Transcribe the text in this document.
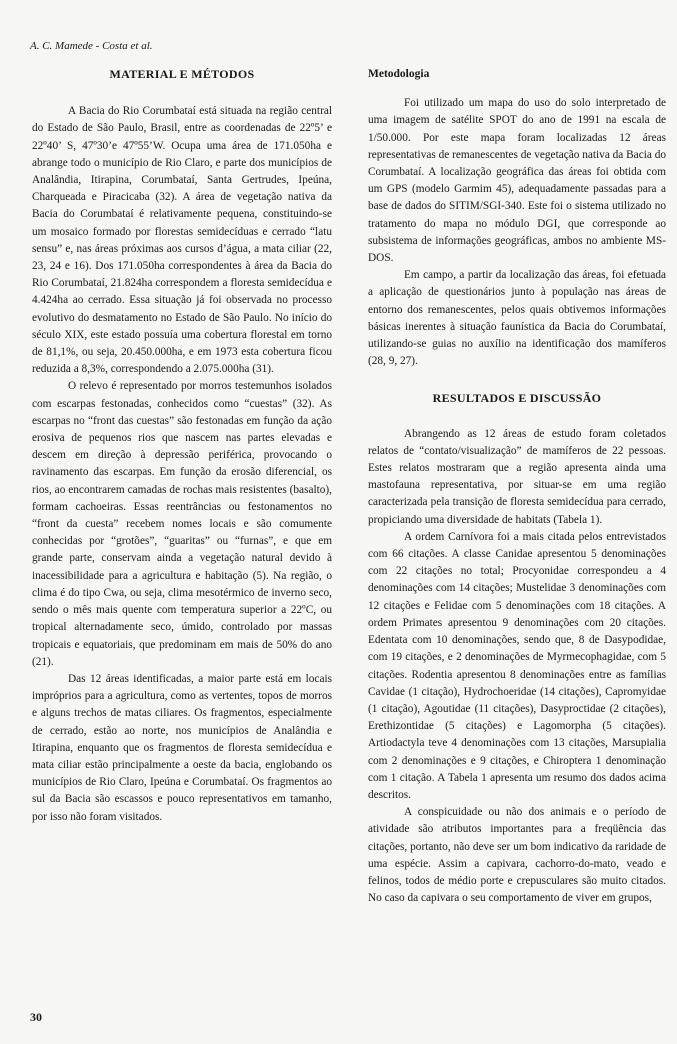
A. C. Mamede - Costa et al.
MATERIAL E MÉTODOS

A Bacia do Rio Corumbataí está situada na região central do Estado de São Paulo, Brasil, entre as coordenadas de 22º5’ e 22º40’ S, 47º30’e 47º55’W. Ocupa uma área de 171.050ha e abrange todo o município de Rio Claro, e parte dos municípios de Analândia, Itirapina, Corumbataí, Santa Gertrudes, Ipeúna, Charqueada e Piracicaba (32). A área de vegetação nativa da Bacia do Corumbataí é relativamente pequena, constituindo-se um mosaico formado por florestas semidecíduas e cerrado “latu sensu” e, nas áreas próximas aos cursos d’água, a mata ciliar (22, 23, 24 e 16). Dos 171.050ha correspondentes à área da Bacia do Rio Corumbataí, 21.824ha correspondem a floresta semidecídua e 4.424ha ao cerrado. Essa situação já foi observada no processo evolutivo do desmatamento no Estado de São Paulo. No início do século XIX, este estado possuía uma cobertura florestal em torno de 81,1%, ou seja, 20.450.000ha, e em 1973 esta cobertura ficou reduzida a 8,3%, correspondendo a 2.075.000ha (31).

O relevo é representado por morros testemunhos isolados com escarpas festonadas, conhecidos como “cuestas” (32). As escarpas no “front das cuestas” são festonadas em função da ação erosiva de pequenos rios que nascem nas partes elevadas e descem em direção à depressão periférica, provocando o ravinamento das escarpas. Em função da erosão diferencial, os rios, ao encontrarem camadas de rochas mais resistentes (basalto), formam cachoeiras. Essas reentrâncias ou festonamentos no “front da cuesta” recebem nomes locais e são comumente conhecidas por “grotões”, “guaritas” ou “furnas”, e que em grande parte, conservam ainda a vegetação natural devido à inacessibilidade para a agricultura e habitação (5). Na região, o clima é do tipo Cwa, ou seja, clima mesotérmico de inverno seco, sendo o mês mais quente com temperatura superior a 22ºC, ou tropical alternadamente seco, úmido, controlado por massas tropicais e equatoriais, que predominam em mais de 50% do ano (21).

Das 12 áreas identificadas, a maior parte está em locais impróprios para a agricultura, como as vertentes, topos de morros e alguns trechos de matas ciliares. Os fragmentos, especialmente de cerrado, estão ao norte, nos municípios de Analândia e Itirapina, enquanto que os fragmentos de floresta semidecídua e mata ciliar estão principalmente a oeste da bacia, englobando os municípios de Rio Claro, Ipeúna e Corumbataí. Os fragmentos ao sul da Bacia são escassos e pouco representativos em tamanho, por isso não foram visitados.

Metodologia

Foi utilizado um mapa do uso do solo interpretado de uma imagem de satélite SPOT do ano de 1991 na escala de 1/50.000. Por este mapa foram localizadas 12 áreas representativas de remanescentes de vegetação nativa da Bacia do Corumbataí. A localização geográfica das áreas foi obtida com um GPS (modelo Garmim 45), adequadamente passadas para a base de dados do SITIM/SGI-340. Este foi o sistema utilizado no tratamento do mapa no módulo DGI, que corresponde ao subsistema de informações geográficas, ambos no ambiente MS-DOS.

Em campo, a partir da localização das áreas, foi efetuada a aplicação de questionários junto à população nas áreas de entorno dos remanescentes, pelos quais obtivemos informações básicas inerentes à situação faunística da Bacia do Corumbataí, utilizando-se guias no auxílio na identificação dos mamíferos (28, 9, 27).

RESULTADOS E DISCUSSÃO

Abrangendo as 12 áreas de estudo foram coletados relatos de “contato/visualização” de mamíferos de 22 pessoas. Estes relatos mostraram que a região apresenta ainda uma mastofauna representativa, por situar-se em uma região caracterizada pela transição de floresta semidecídua para cerrado, propiciando uma diversidade de habitats (Tabela 1).

A ordem Carnívora foi a mais citada pelos entrevistados com 66 citações. A classe Canidae apresentou 5 denominações com 22 citações no total; Procyonidae correspondeu a 4 denominações com 14 citações; Mustelidae 3 denominações com 12 citações e Felidae com 5 denominações com 18 citações. A ordem Primates apresentou 9 denominações com 20 citações. Edentata com 10 denominações, sendo que, 8 de Dasypodidae, com 19 citações, e 2 denominações de Myrmecophagidae, com 5 citações. Rodentia apresentou 8 denominações entre as famílias Cavidae (1 citação), Hydrochoeridae (14 citações), Capromyidae (1 citação), Agoutidae (11 citações), Dasyproctidae (2 citações), Erethizontidae (5 citações) e Lagomorpha (5 citações). Artiodactyla teve 4 denominações com 13 citações, Marsupialia com 2 denominações e 9 citações, e Chiroptera 1 denominação com 1 citação. A Tabela 1 apresenta um resumo dos dados acima descritos.

A conspicuidade ou não dos animais e o período de atividade são atributos importantes para a freqüência das citações, portanto, não deve ser um bom indicativo da raridade de uma espécie. Assim a capivara, cachorro-do-mato, veado e felinos, todos de médio porte e crepusculares são muito citados. No caso da capivara o seu comportamento de viver em grupos,

30
